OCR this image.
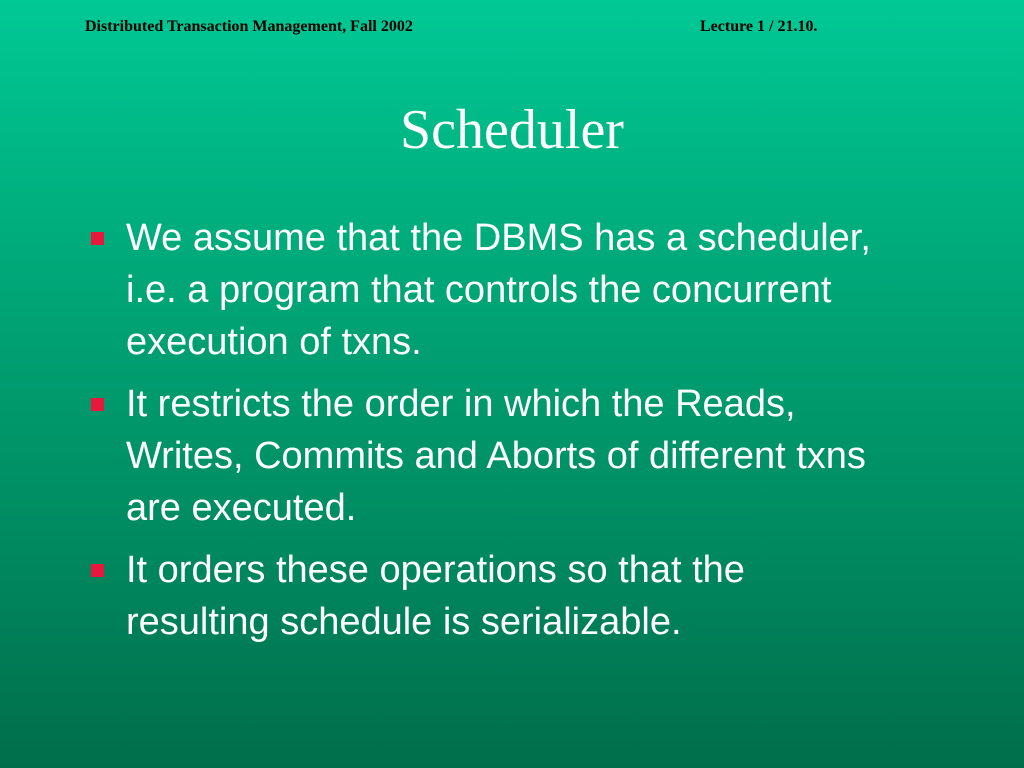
Distributed Transaction Management, Fall 2002	Lecture 1 / 21.10.
Scheduler
We assume that the DBMS has a scheduler,
i.e. a program that controls the concurrent
execution of txns.
It restricts the order in which the Reads,
Writes, Commits and Aborts of different txns
are executed.
It orders these operations so that the
resulting schedule is serializable.
